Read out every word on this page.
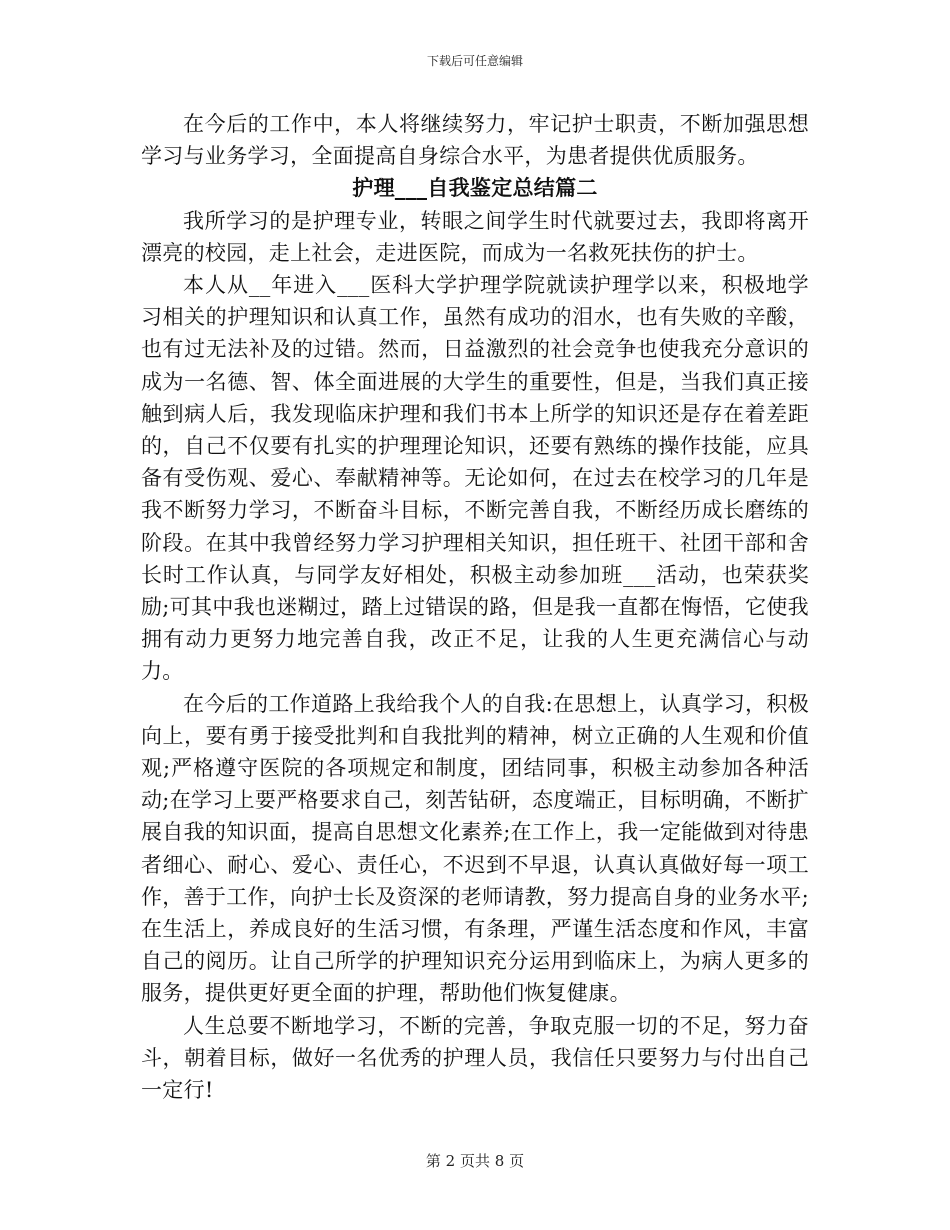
下载后可任意编辑

在今后的工作中，本人将继续努力，牢记护士职责，不断加强思想学习与业务学习，全面提高自身综合水平，为患者提供优质服务。

护理___自我鉴定总结篇二

我所学习的是护理专业，转眼之间学生时代就要过去，我即将离开漂亮的校园，走上社会，走进医院，而成为一名救死扶伤的护士。

本人从__年进入___医科大学护理学院就读护理学以来，积极地学习相关的护理知识和认真工作，虽然有成功的泪水，也有失败的辛酸，也有过无法补及的过错。然而，日益激烈的社会竞争也使我充分意识的成为一名德、智、体全面进展的大学生的重要性，但是，当我们真正接触到病人后，我发现临床护理和我们书本上所学的知识还是存在着差距的，自己不仅要有扎实的护理理论知识，还要有熟练的操作技能，应具备有受伤观、爱心、奉献精神等。无论如何，在过去在校学习的几年是我不断努力学习，不断奋斗目标，不断完善自我，不断经历成长磨练的阶段。在其中我曾经努力学习护理相关知识，担任班干、社团干部和舍长时工作认真，与同学友好相处，积极主动参加班___活动，也荣获奖励;可其中我也迷糊过，踏上过错误的路，但是我一直都在悔悟，它使我拥有动力更努力地完善自我，改正不足，让我的人生更充满信心与动力。

在今后的工作道路上我给我个人的自我:在思想上，认真学习，积极向上，要有勇于接受批判和自我批判的精神，树立正确的人生观和价值观;严格遵守医院的各项规定和制度，团结同事，积极主动参加各种活动;在学习上要严格要求自己，刻苦钻研，态度端正，目标明确，不断扩展自我的知识面，提高自思想文化素养;在工作上，我一定能做到对待患者细心、耐心、爱心、责任心，不迟到不早退，认真认真做好每一项工作，善于工作，向护士长及资深的老师请教，努力提高自身的业务水平;在生活上，养成良好的生活习惯，有条理，严谨生活态度和作风，丰富自己的阅历。让自己所学的护理知识充分运用到临床上，为病人更多的服务，提供更好更全面的护理，帮助他们恢复健康。

人生总要不断地学习，不断的完善，争取克服一切的不足，努力奋斗，朝着目标，做好一名优秀的护理人员，我信任只要努力与付出自己一定行!

第 2 页共 8 页
